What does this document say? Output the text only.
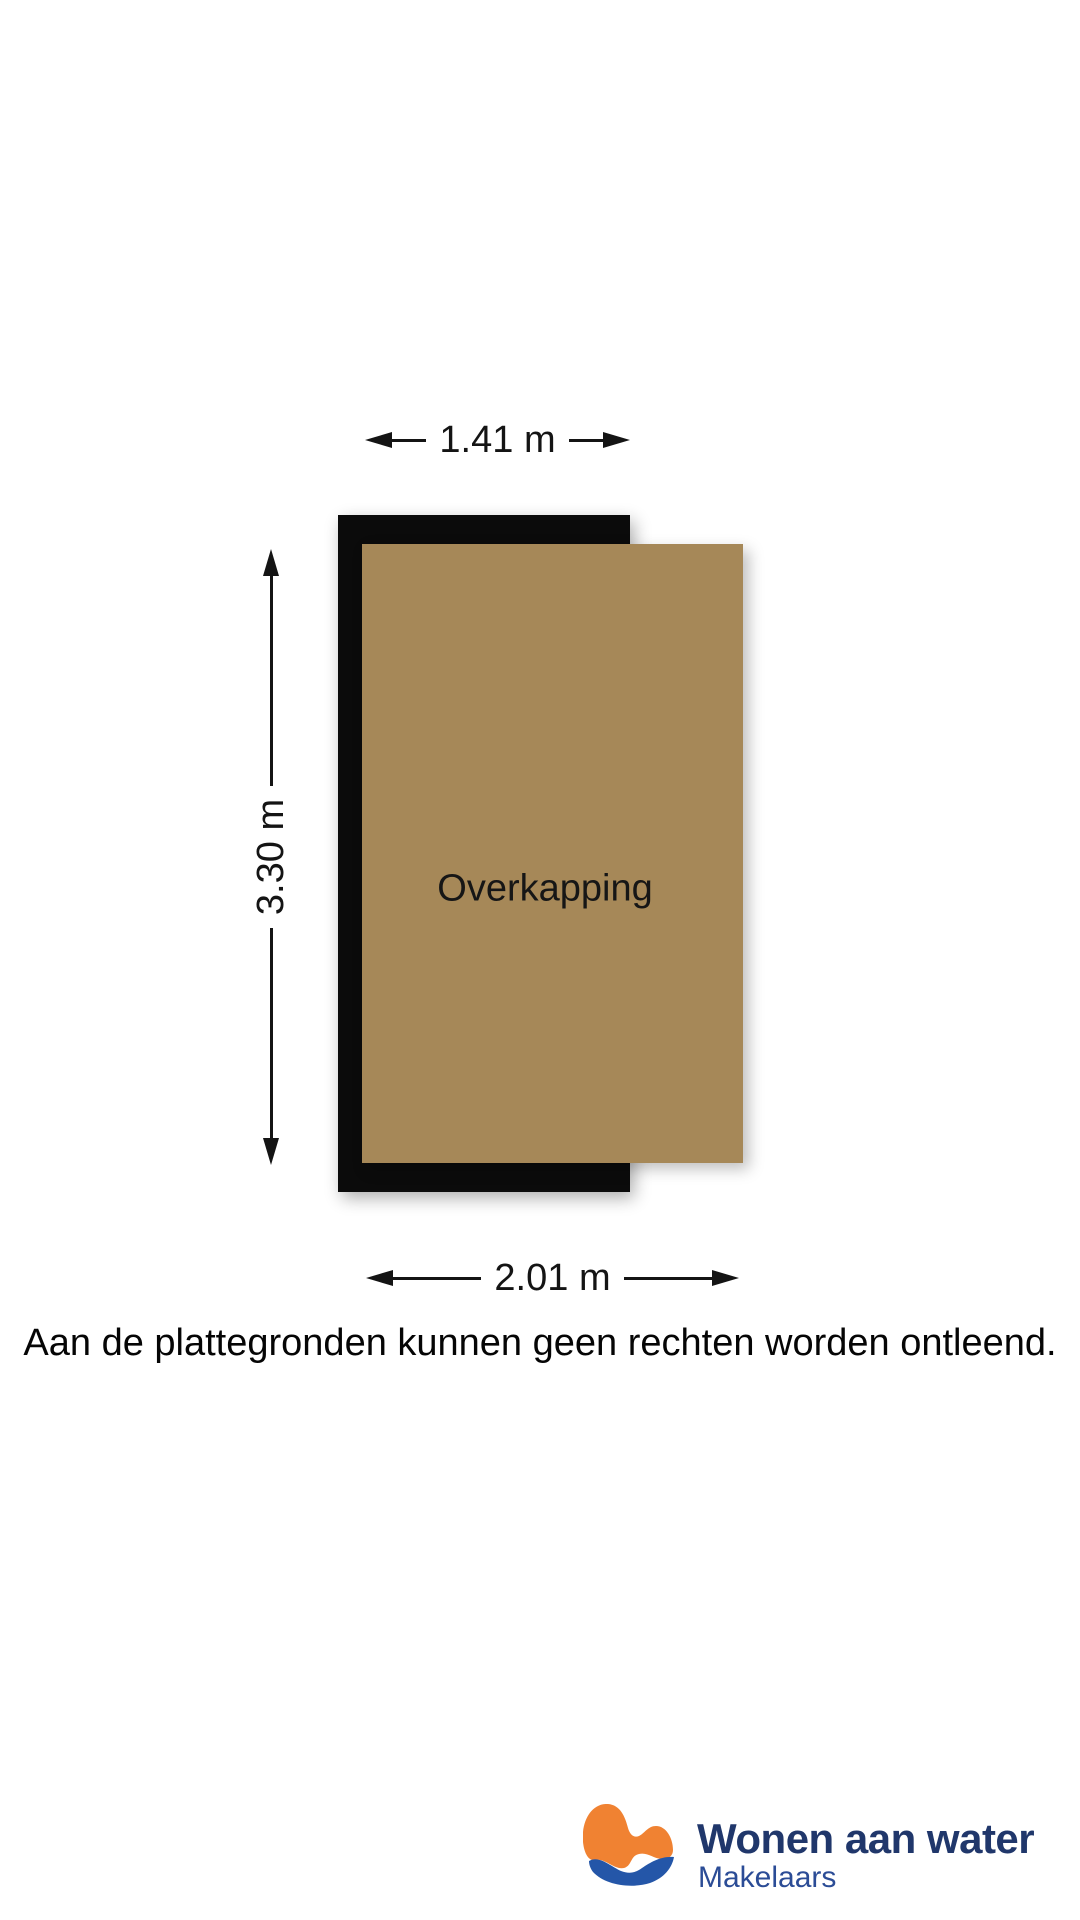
1.41 m
Overkapping
3.30 m
2.01 m
Aan de plattegronden kunnen geen rechten worden ontleend.
Wonen aan water
Makelaars
